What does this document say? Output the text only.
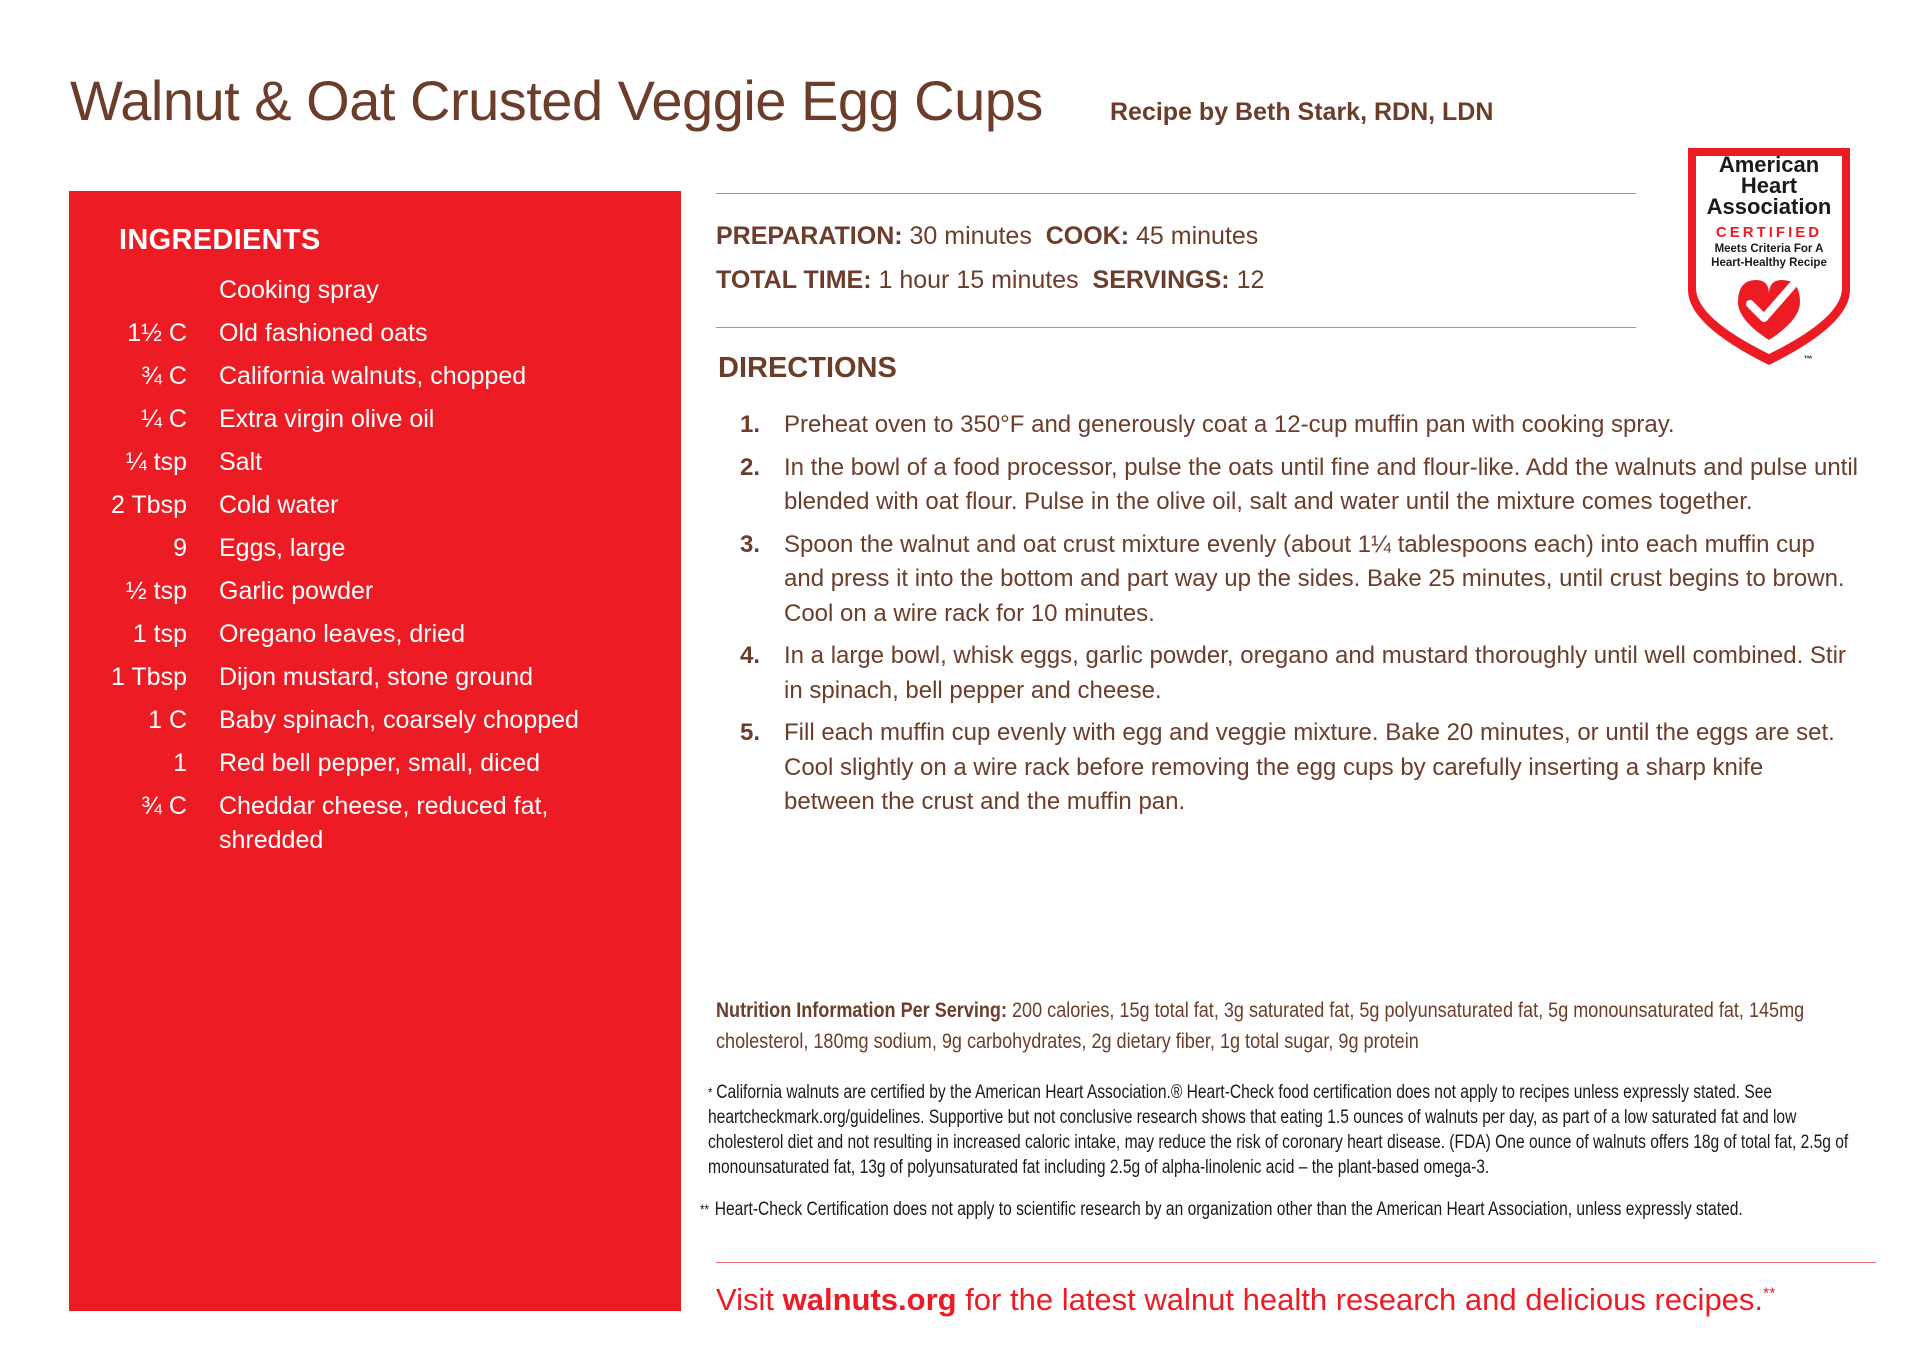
Walnut & Oat Crusted Veggie Egg Cups	Recipe by Beth Stark, RDN, LDN
INGREDIENTS
Cooking spray
1½ C	Old fashioned oats
¾ C	California walnuts, chopped
¼ C	Extra virgin olive oil
¼ tsp	Salt
2 Tbsp	Cold water
9	Eggs, large
½ tsp	Garlic powder
1 tsp	Oregano leaves, dried
1 Tbsp	Dijon mustard, stone ground
1 C	Baby spinach, coarsely chopped
1	Red bell pepper, small, diced
¾ C	Cheddar cheese, reduced fat, shredded
PREPARATION: 30 minutes COOK: 45 minutes
TOTAL TIME: 1 hour 15 minutes SERVINGS: 12
American
Heart
Association
CERTIFIED
Meets Criteria For A
Heart-Healthy Recipe
®
™
DIRECTIONS
1. Preheat oven to 350°F and generously coat a 12-cup muffin pan with cooking spray.
2. In the bowl of a food processor, pulse the oats until fine and flour-like. Add the walnuts and pulse until blended with oat flour. Pulse in the olive oil, salt and water until the mixture comes together.
3. Spoon the walnut and oat crust mixture evenly (about 1¼ tablespoons each) into each muffin cup and press it into the bottom and part way up the sides. Bake 25 minutes, until crust begins to brown. Cool on a wire rack for 10 minutes.
4. In a large bowl, whisk eggs, garlic powder, oregano and mustard thoroughly until well combined. Stir in spinach, bell pepper and cheese.
5. Fill each muffin cup evenly with egg and veggie mixture. Bake 20 minutes, or until the eggs are set. Cool slightly on a wire rack before removing the egg cups by carefully inserting a sharp knife between the crust and the muffin pan.
Nutrition Information Per Serving: 200 calories, 15g total fat, 3g saturated fat, 5g polyunsaturated fat, 5g monounsaturated fat, 145mg cholesterol, 180mg sodium, 9g carbohydrates, 2g dietary fiber, 1g total sugar, 9g protein
* California walnuts are certified by the American Heart Association.® Heart-Check food certification does not apply to recipes unless expressly stated. See heartcheckmark.org/guidelines. Supportive but not conclusive research shows that eating 1.5 ounces of walnuts per day, as part of a low saturated fat and low cholesterol diet and not resulting in increased caloric intake, may reduce the risk of coronary heart disease. (FDA) One ounce of walnuts offers 18g of total fat, 2.5g of monounsaturated fat, 13g of polyunsaturated fat including 2.5g of alpha-linolenic acid – the plant-based omega-3.
** Heart-Check Certification does not apply to scientific research by an organization other than the American Heart Association, unless expressly stated.
Visit walnuts.org for the latest walnut health research and delicious recipes.**
